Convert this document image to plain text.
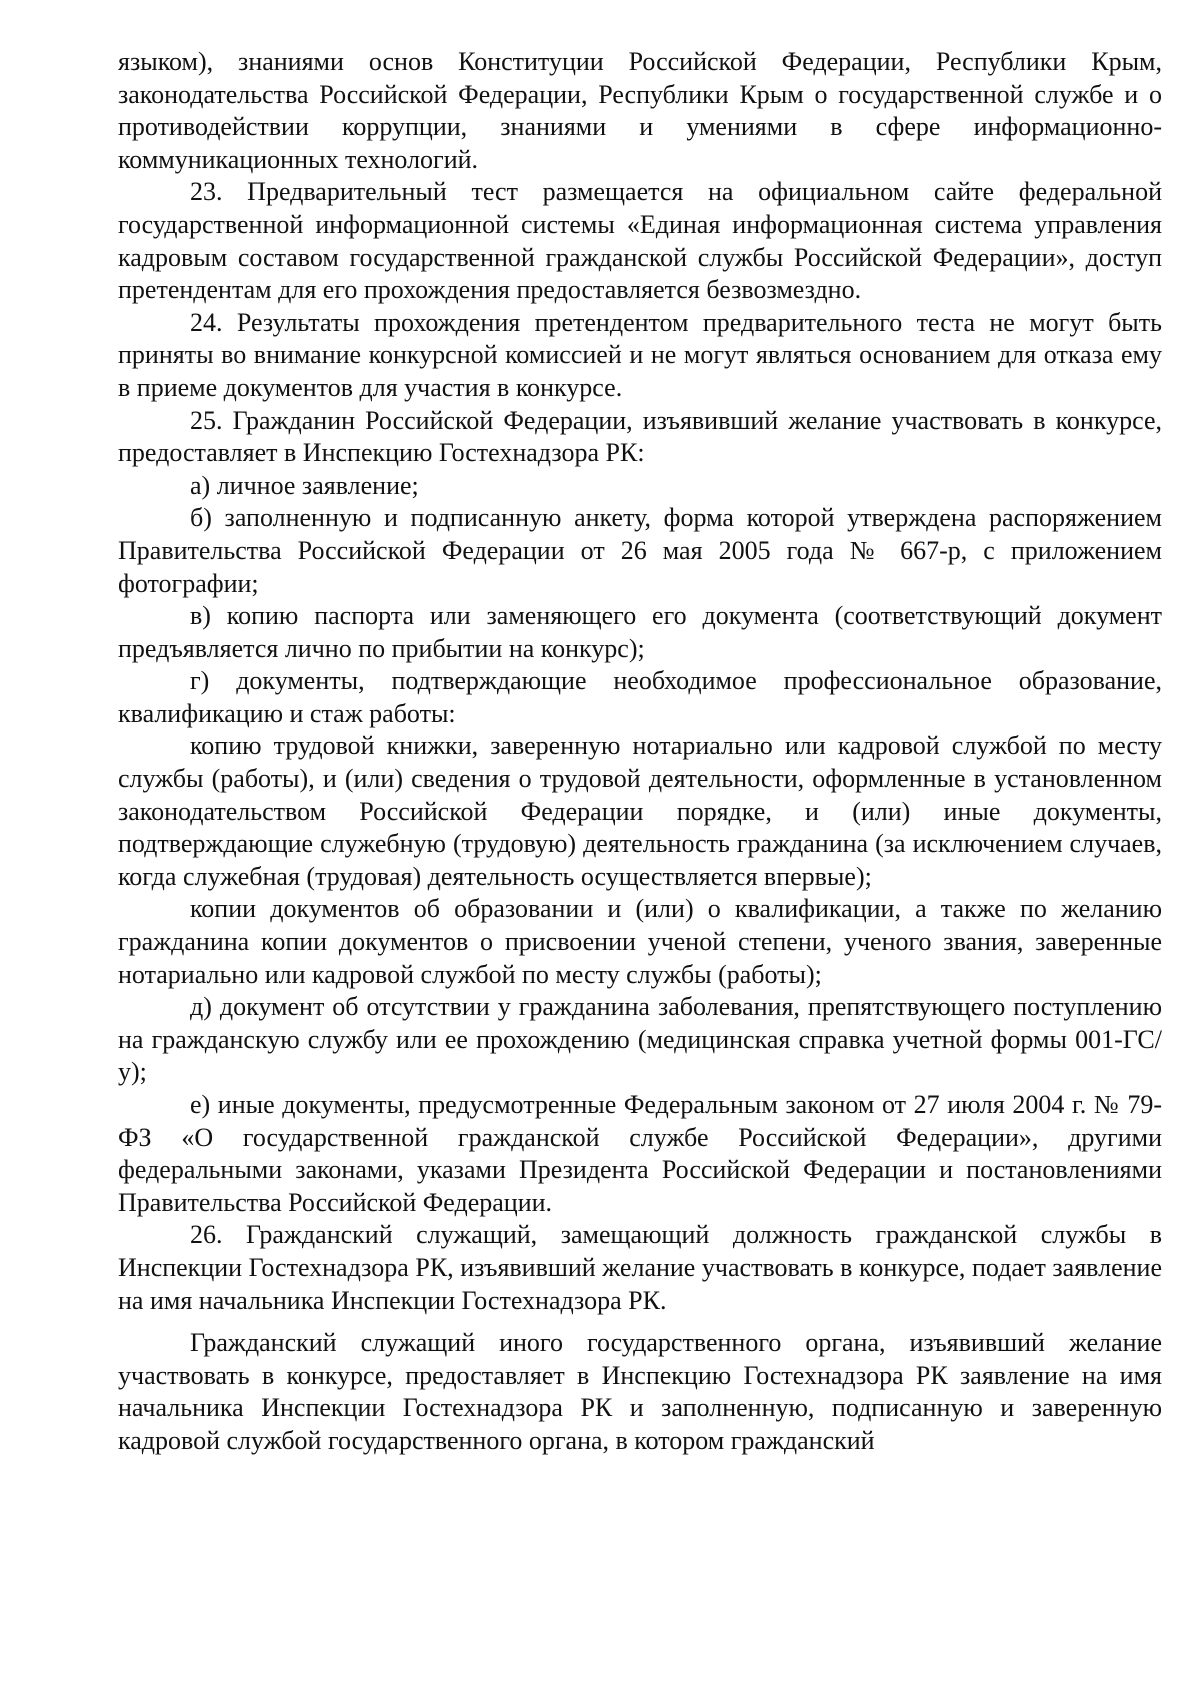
языком), знаниями основ Конституции Российской Федерации, Республики Крым, законодательства Российской Федерации, Республики Крым о государственной службе и о противодействии коррупции, знаниями и умениями в сфере информационно-коммуникационных технологий.

23. Предварительный тест размещается на официальном сайте федеральной государственной информационной системы «Единая информационная система управления кадровым составом государственной гражданской службы Российской Федерации», доступ претендентам для его прохождения предоставляется безвозмездно.

24. Результаты прохождения претендентом предварительного теста не могут быть приняты во внимание конкурсной комиссией и не могут являться основанием для отказа ему в приеме документов для участия в конкурсе.

25. Гражданин Российской Федерации, изъявивший желание участвовать в конкурсе, предоставляет в Инспекцию Гостехнадзора РК:

а) личное заявление;

б) заполненную и подписанную анкету, форма которой утверждена распоряжением Правительства Российской Федерации от 26 мая 2005 года № 667-р, с приложением фотографии;

в) копию паспорта или заменяющего его документа (соответствующий документ предъявляется лично по прибытии на конкурс);

г) документы, подтверждающие необходимое профессиональное образование, квалификацию и стаж работы:

копию трудовой книжки, заверенную нотариально или кадровой службой по месту службы (работы), и (или) сведения о трудовой деятельности, оформленные в установленном законодательством Российской Федерации порядке, и (или) иные документы, подтверждающие служебную (трудовую) деятельность гражданина (за исключением случаев, когда служебная (трудовая) деятельность осуществляется впервые);

копии документов об образовании и (или) о квалификации, а также по желанию гражданина копии документов о присвоении ученой степени, ученого звания, заверенные нотариально или кадровой службой по месту службы (работы);

д) документ об отсутствии у гражданина заболевания, препятствующего поступлению на гражданскую службу или ее прохождению (медицинская справка учетной формы 001-ГС/у);

е) иные документы, предусмотренные Федеральным законом от 27 июля 2004 г. № 79-ФЗ «О государственной гражданской службе Российской Федерации», другими федеральными законами, указами Президента Российской Федерации и постановлениями Правительства Российской Федерации.

26. Гражданский служащий, замещающий должность гражданской службы в Инспекции Гостехнадзора РК, изъявивший желание участвовать в конкурсе, подает заявление на имя начальника Инспекции Гостехнадзора РК.

Гражданский служащий иного государственного органа, изъявивший желание участвовать в конкурсе, предоставляет в Инспекцию Гостехнадзора РК заявление на имя начальника Инспекции Гостехнадзора РК и заполненную, подписанную и заверенную кадровой службой государственного органа, в котором гражданский
